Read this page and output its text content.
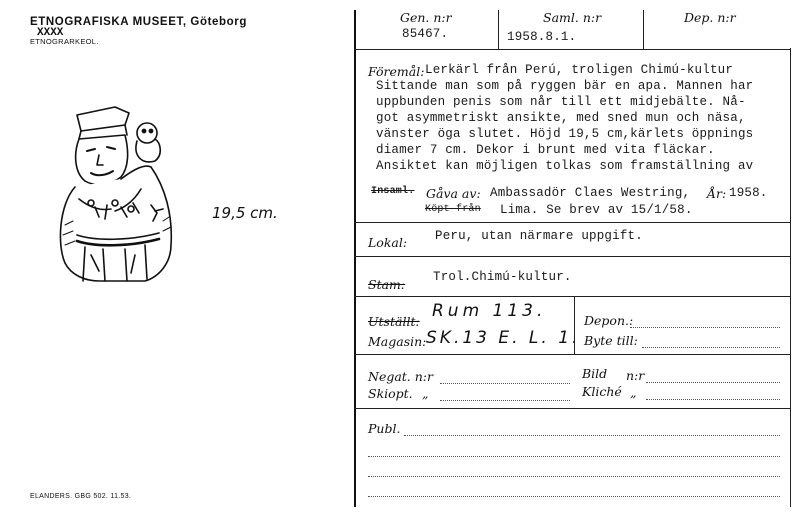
ETNOGRAFISKA MUSEET, Göteborg
XXXX
ETNOGR.
ARKEOL.
19,5 cm.
ELANDERS. GBG 502. 11.53.
Gen. n:r
85467.
Saml. n:r
1958.8.1.
Dep. n:r
Föremål: Lerkärl från Perú, troligen Chimú-kultur
Sittande man som på ryggen bär en apa. Mannen har
uppbunden penis som når till ett midjebälte. Nå-
got asymmetriskt ansikte, med sned mun och näsa,
vänster öga slutet. Höjd 19,5 cm,kärlets öppnings
diamer 7 cm. Dekor i brunt med vita fläckar.
Ansiktet kan möjligen tolkas som framställning av
Insaml. Gåva av: Ambassadör Claes Westring, År: 1958.
Köpt från Lima. Se brev av 15/1/58.
Lokal: Peru, utan närmare uppgift.
Stam: Trol.Chimú-kultur.
Utställt:
Rum 113.
Magasin: SK.13 E. L. 1.
Depon.:
Byte till:
Negat. n:r	Bild n:r
Skiopt. „	Kliché „
Publ.
